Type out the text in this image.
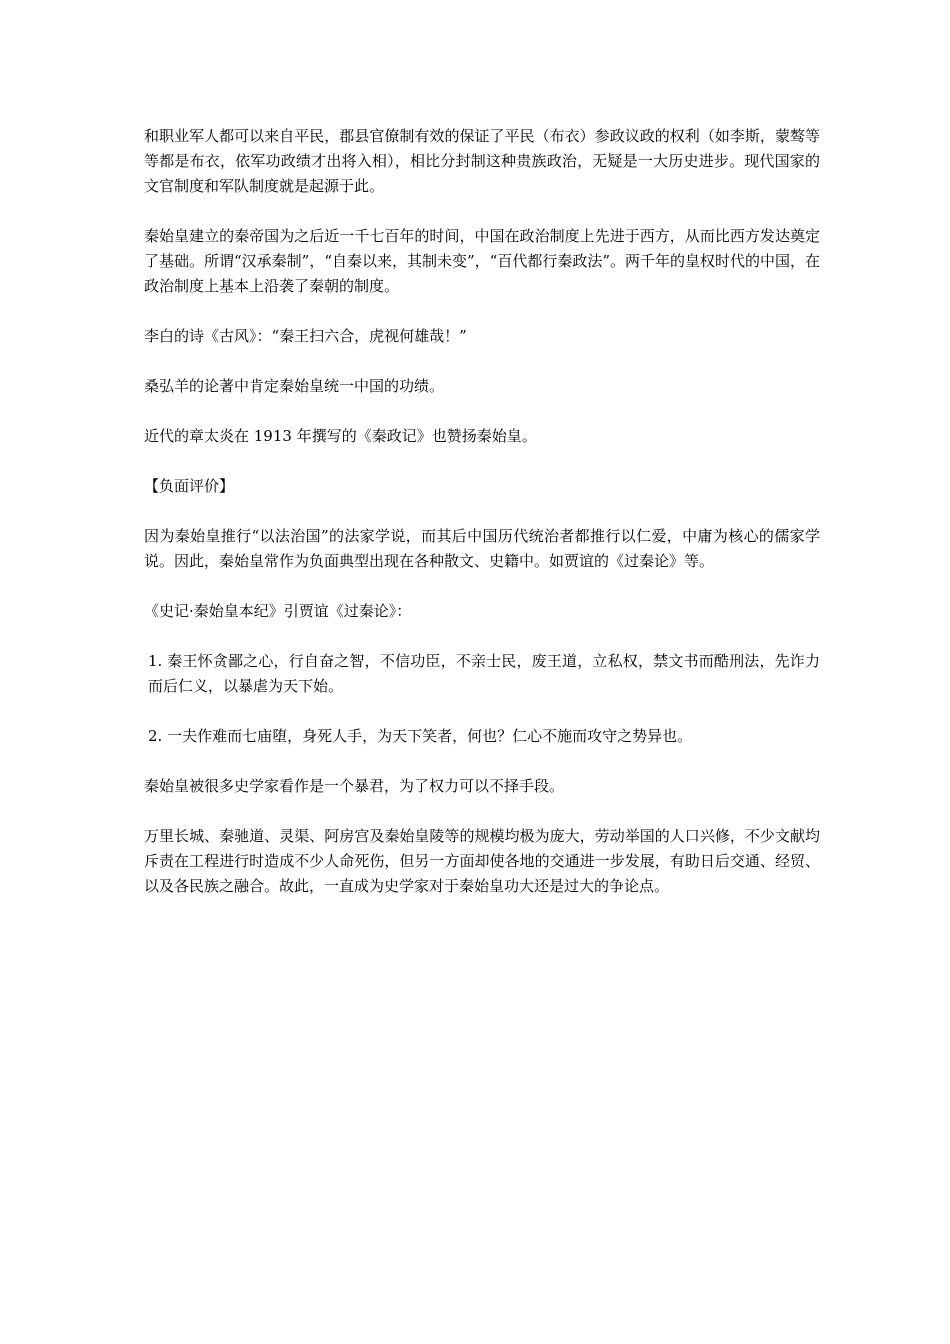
和职业军人都可以来自平民，郡县官僚制有效的保证了平民（布衣）参政议政的权利（如李斯，蒙骜等等都是布衣，依军功政绩才出将入相），相比分封制这种贵族政治，无疑是一大历史进步。现代国家的文官制度和军队制度就是起源于此。

秦始皇建立的秦帝国为之后近一千七百年的时间，中国在政治制度上先进于西方，从而比西方发达奠定了基础。所谓“汉承秦制”，“自秦以来，其制未变”，“百代都行秦政法”。两千年的皇权时代的中国，在政治制度上基本上沿袭了秦朝的制度。

李白的诗《古风》：“秦王扫六合，虎视何雄哉！”

桑弘羊的论著中肯定秦始皇统一中国的功绩。

近代的章太炎在 1913 年撰写的《秦政记》也赞扬秦始皇。

【负面评价】

因为秦始皇推行“以法治国”的法家学说，而其后中国历代统治者都推行以仁爱，中庸为核心的儒家学说。因此，秦始皇常作为负面典型出现在各种散文、史籍中。如贾谊的《过秦论》等。

《史记·秦始皇本纪》引贾谊《过秦论》：

1. 秦王怀贪鄙之心，行自奋之智，不信功臣，不亲士民，废王道，立私权，禁文书而酷刑法，先诈力而后仁义，以暴虐为天下始。

2. 一夫作难而七庙堕，身死人手，为天下笑者，何也？仁心不施而攻守之势异也。

秦始皇被很多史学家看作是一个暴君，为了权力可以不择手段。

万里长城、秦驰道、灵渠、阿房宫及秦始皇陵等的规模均极为庞大，劳动举国的人口兴修，不少文献均斥责在工程进行时造成不少人命死伤，但另一方面却使各地的交通进一步发展，有助日后交通、经贸、以及各民族之融合。故此，一直成为史学家对于秦始皇功大还是过大的争论点。
